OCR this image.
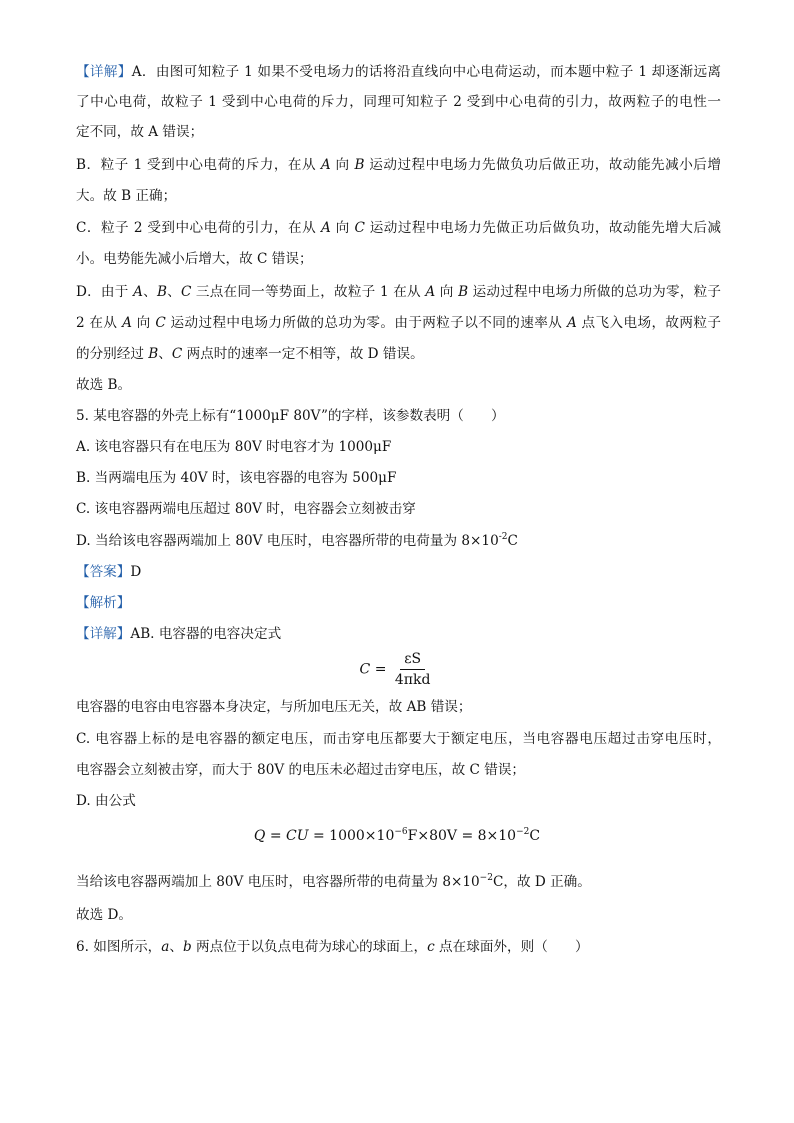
【详解】A．由图可知粒子 1 如果不受电场力的话将沿直线向中心电荷运动，而本题中粒子 1 却逐渐远离
了中心电荷，故粒子 1 受到中心电荷的斥力，同理可知粒子 2 受到中心电荷的引力，故两粒子的电性一
定不同，故 A 错误；
B．粒子 1 受到中心电荷的斥力，在从 A 向 B 运动过程中电场力先做负功后做正功，故动能先减小后增
大。故 B 正确；
C．粒子 2 受到中心电荷的引力，在从 A 向 C 运动过程中电场力先做正功后做负功，故动能先增大后减
小。电势能先减小后增大，故 C 错误；
D．由于 A、B、C 三点在同一等势面上，故粒子 1 在从 A 向 B 运动过程中电场力所做的总功为零，粒子
2 在从 A 向 C 运动过程中电场力所做的总功为零。由于两粒子以不同的速率从 A 点飞入电场，故两粒子
的分别经过 B、C 两点时的速率一定不相等，故 D 错误。
故选 B。
5. 某电容器的外壳上标有“1000μF 80V”的字样，该参数表明（　　）
A. 该电容器只有在电压为 80V 时电容才为 1000μF
B. 当两端电压为 40V 时，该电容器的电容为 500μF
C. 该电容器两端电压超过 80V 时，电容器会立刻被击穿
D. 当给该电容器两端加上 80V 电压时，电容器所带的电荷量为 $8\times 10^{-2}C$
【答案】D
【解析】
【详解】AB. 电容器的电容决定式
$C = \frac{\varepsilon S}{\text{4πkd}}$
电容器的电容由电容器本身决定，与所加电压无关，故 AB 错误；
C. 电容器上标的是电容器的额定电压，而击穿电压都要大于额定电压，当电容器电压超过击穿电压时，
电容器会立刻被击穿，而大于 80V 的电压未必超过击穿电压，故 C 错误；
D. 由公式
Q = CU = $1000\times 10^{-6}F\times 80V = 8\times 10^{-2}C$
当给该电容器两端加上 80V 电压时，电容器所带的电荷量为 $8\times 10^{-2}C$，故 D 正确。
故选 D。
6. 如图所示，a、b 两点位于以负点电荷为球心的球面上，c 点在球面外，则（　　）
